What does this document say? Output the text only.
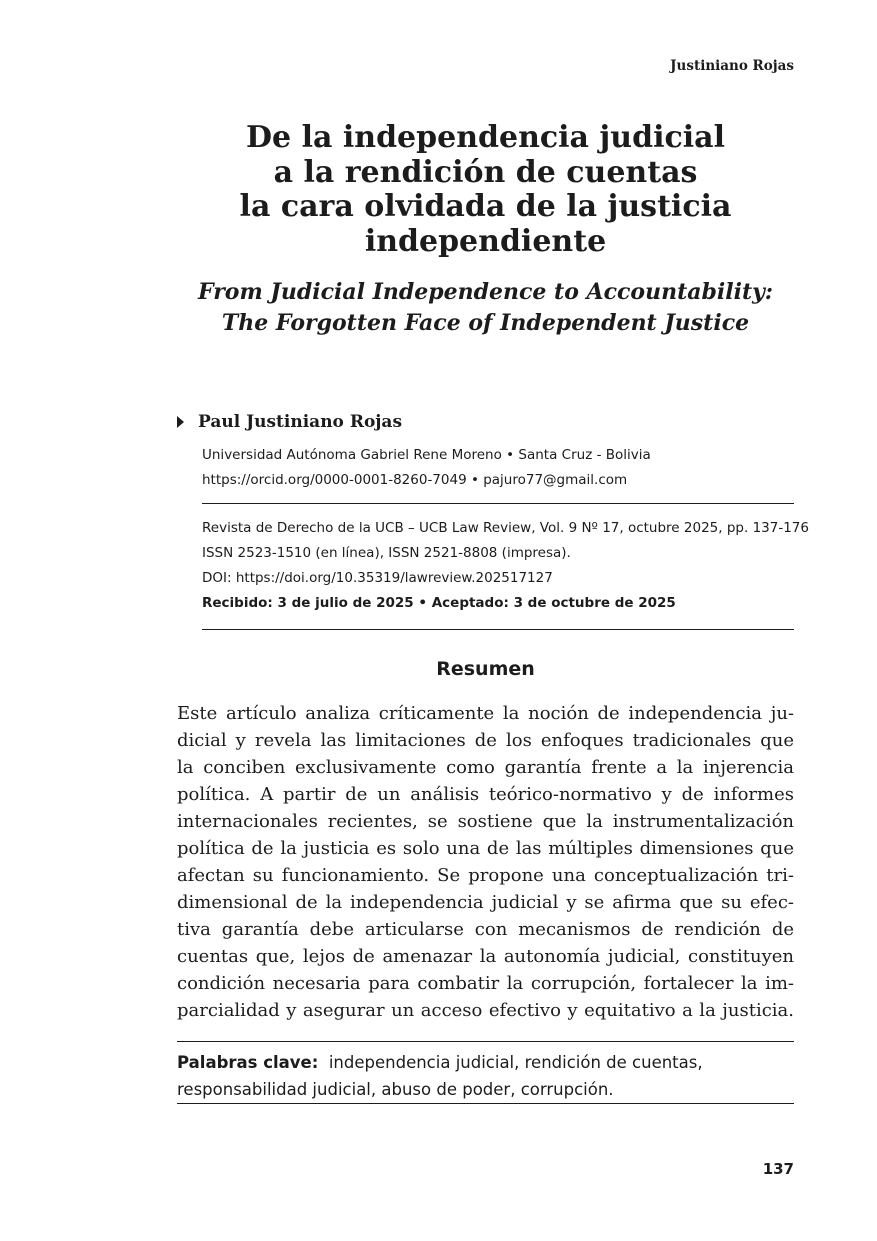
Justiniano Rojas
De la independencia judicial
a la rendición de cuentas
la cara olvidada de la justicia
independiente
From Judicial Independence to Accountability:
The Forgotten Face of Independent Justice
Paul Justiniano Rojas
Universidad Autónoma Gabriel Rene Moreno • Santa Cruz - Bolivia
https://orcid.org/0000-0001-8260-7049 • pajuro77@gmail.com
Revista de Derecho de la UCB – UCB Law Review, Vol. 9 Nº 17, octubre 2025, pp. 137-176
ISSN 2523-1510 (en línea), ISSN 2521-8808 (impresa).
DOI: https://doi.org/10.35319/lawreview.202517127
Recibido: 3 de julio de 2025 • Aceptado: 3 de octubre de 2025
Resumen
Este artículo analiza críticamente la noción de independencia ju-
dicial y revela las limitaciones de los enfoques tradicionales que
la conciben exclusivamente como garantía frente a la injerencia
política. A partir de un análisis teórico-normativo y de informes
internacionales recientes, se sostiene que la instrumentalización
política de la justicia es solo una de las múltiples dimensiones que
afectan su funcionamiento. Se propone una conceptualización tri-
dimensional de la independencia judicial y se afirma que su efec-
tiva garantía debe articularse con mecanismos de rendición de
cuentas que, lejos de amenazar la autonomía judicial, constituyen
condición necesaria para combatir la corrupción, fortalecer la im-
parcialidad y asegurar un acceso efectivo y equitativo a la justicia.
Palabras clave: independencia judicial, rendición de cuentas, responsabilidad judicial, abuso de poder, corrupción.
137
